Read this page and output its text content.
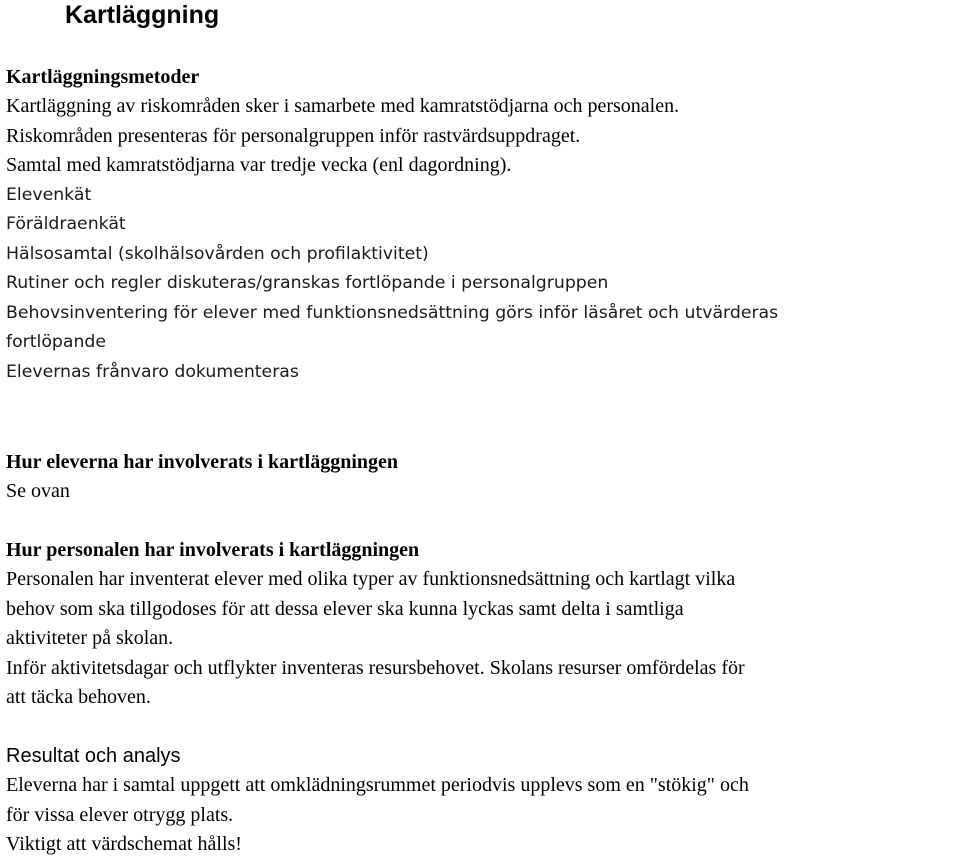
Kartläggning

Kartläggningsmetoder

Kartläggning av riskområden sker i samarbete med kamratstödjarna och personalen.

Riskområden presenteras för personalgruppen inför rastvärdsuppdraget.

Samtal med kamratstödjarna var tredje vecka (enl dagordning).

Elevenkät

Föräldraenkät

Hälsosamtal (skolhälsovården och profilaktivitet)

Rutiner och regler diskuteras/granskas fortlöpande i personalgruppen

Behovsinventering för elever med funktionsnedsättning görs inför läsåret och utvärderas

fortlöpande

Elevernas frånvaro dokumenteras

Hur eleverna har involverats i kartläggningen

Se ovan

Hur personalen har involverats i kartläggningen

Personalen har inventerat elever med olika typer av funktionsnedsättning och kartlagt vilka

behov som ska tillgodoses för att dessa elever ska kunna lyckas samt delta i samtliga

aktiviteter på skolan.

Inför aktivitetsdagar och utflykter inventeras resursbehovet. Skolans resurser omfördelas för

att täcka behoven.

Resultat och analys

Eleverna har i samtal uppgett att omklädningsrummet periodvis upplevs som en "stökig" och

för vissa elever otrygg plats.

Viktigt att värdschemat hålls!
